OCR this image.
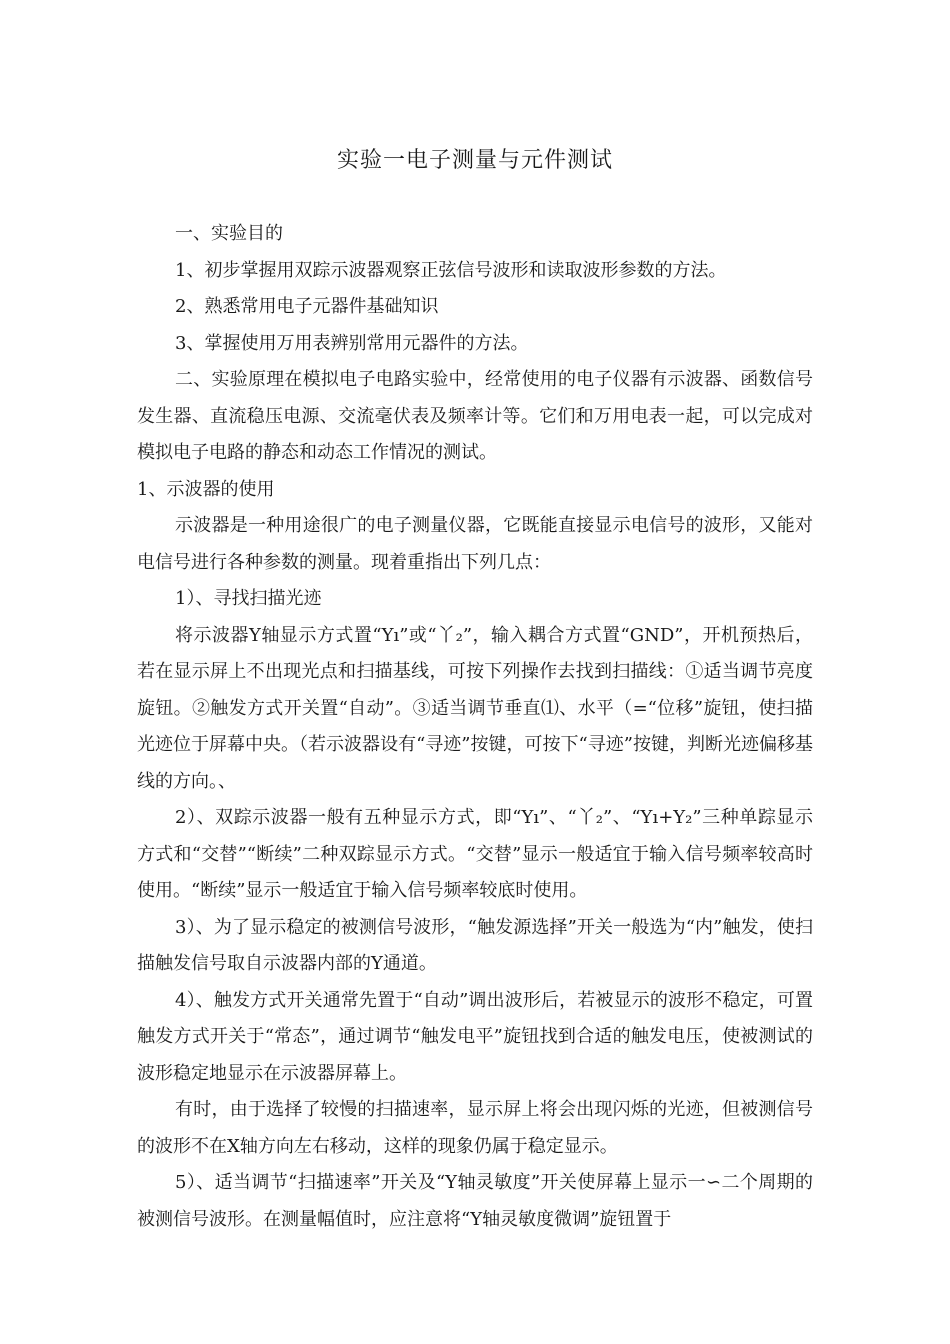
实验一电子测量与元件测试

一、实验目的

1、初步掌握用双踪示波器观察正弦信号波形和读取波形参数的方法。

2、熟悉常用电子元器件基础知识

3、掌握使用万用表辨别常用元器件的方法。

二、实验原理在模拟电子电路实验中，经常使用的电子仪器有示波器、函数信号发生器、直流稳压电源、交流毫伏表及频率计等。它们和万用电表一起，可以完成对模拟电子电路的静态和动态工作情况的测试。

1、示波器的使用

示波器是一种用途很广的电子测量仪器，它既能直接显示电信号的波形，又能对电信号进行各种参数的测量。现着重指出下列几点：

1）、寻找扫描光迹

将示波器Y轴显示方式置“Yı”或“丫₂”，输入耦合方式置“GND”，开机预热后，若在显示屏上不出现光点和扫描基线，可按下列操作去找到扫描线：①适当调节亮度旋钮。②触发方式开关置“自动”。③适当调节垂直⑴、水平（=“位移”旋钮，使扫描光迹位于屏幕中央。（若示波器设有“寻迹”按键，可按下“寻迹”按键，判断光迹偏移基线的方向。、

2）、双踪示波器一般有五种显示方式，即“Yı”、“丫₂”、“Yı+Y₂”三种单踪显示方式和“交替”“断续”二种双踪显示方式。“交替”显示一般适宜于输入信号频率较高时使用。“断续”显示一般适宜于输入信号频率较底时使用。

3）、为了显示稳定的被测信号波形，“触发源选择”开关一般选为“内”触发，使扫描触发信号取自示波器内部的Y通道。

4）、触发方式开关通常先置于“自动”调出波形后，若被显示的波形不稳定，可置触发方式开关于“常态”，通过调节“触发电平”旋钮找到合适的触发电压，使被测试的波形稳定地显示在示波器屏幕上。

有时，由于选择了较慢的扫描速率，显示屏上将会出现闪烁的光迹，但被测信号的波形不在X轴方向左右移动，这样的现象仍属于稳定显示。

5）、适当调节“扫描速率”开关及“Y轴灵敏度”开关使屏幕上显示一∽二个周期的被测信号波形。在测量幅值时，应注意将“Y轴灵敏度微调”旋钮置于
